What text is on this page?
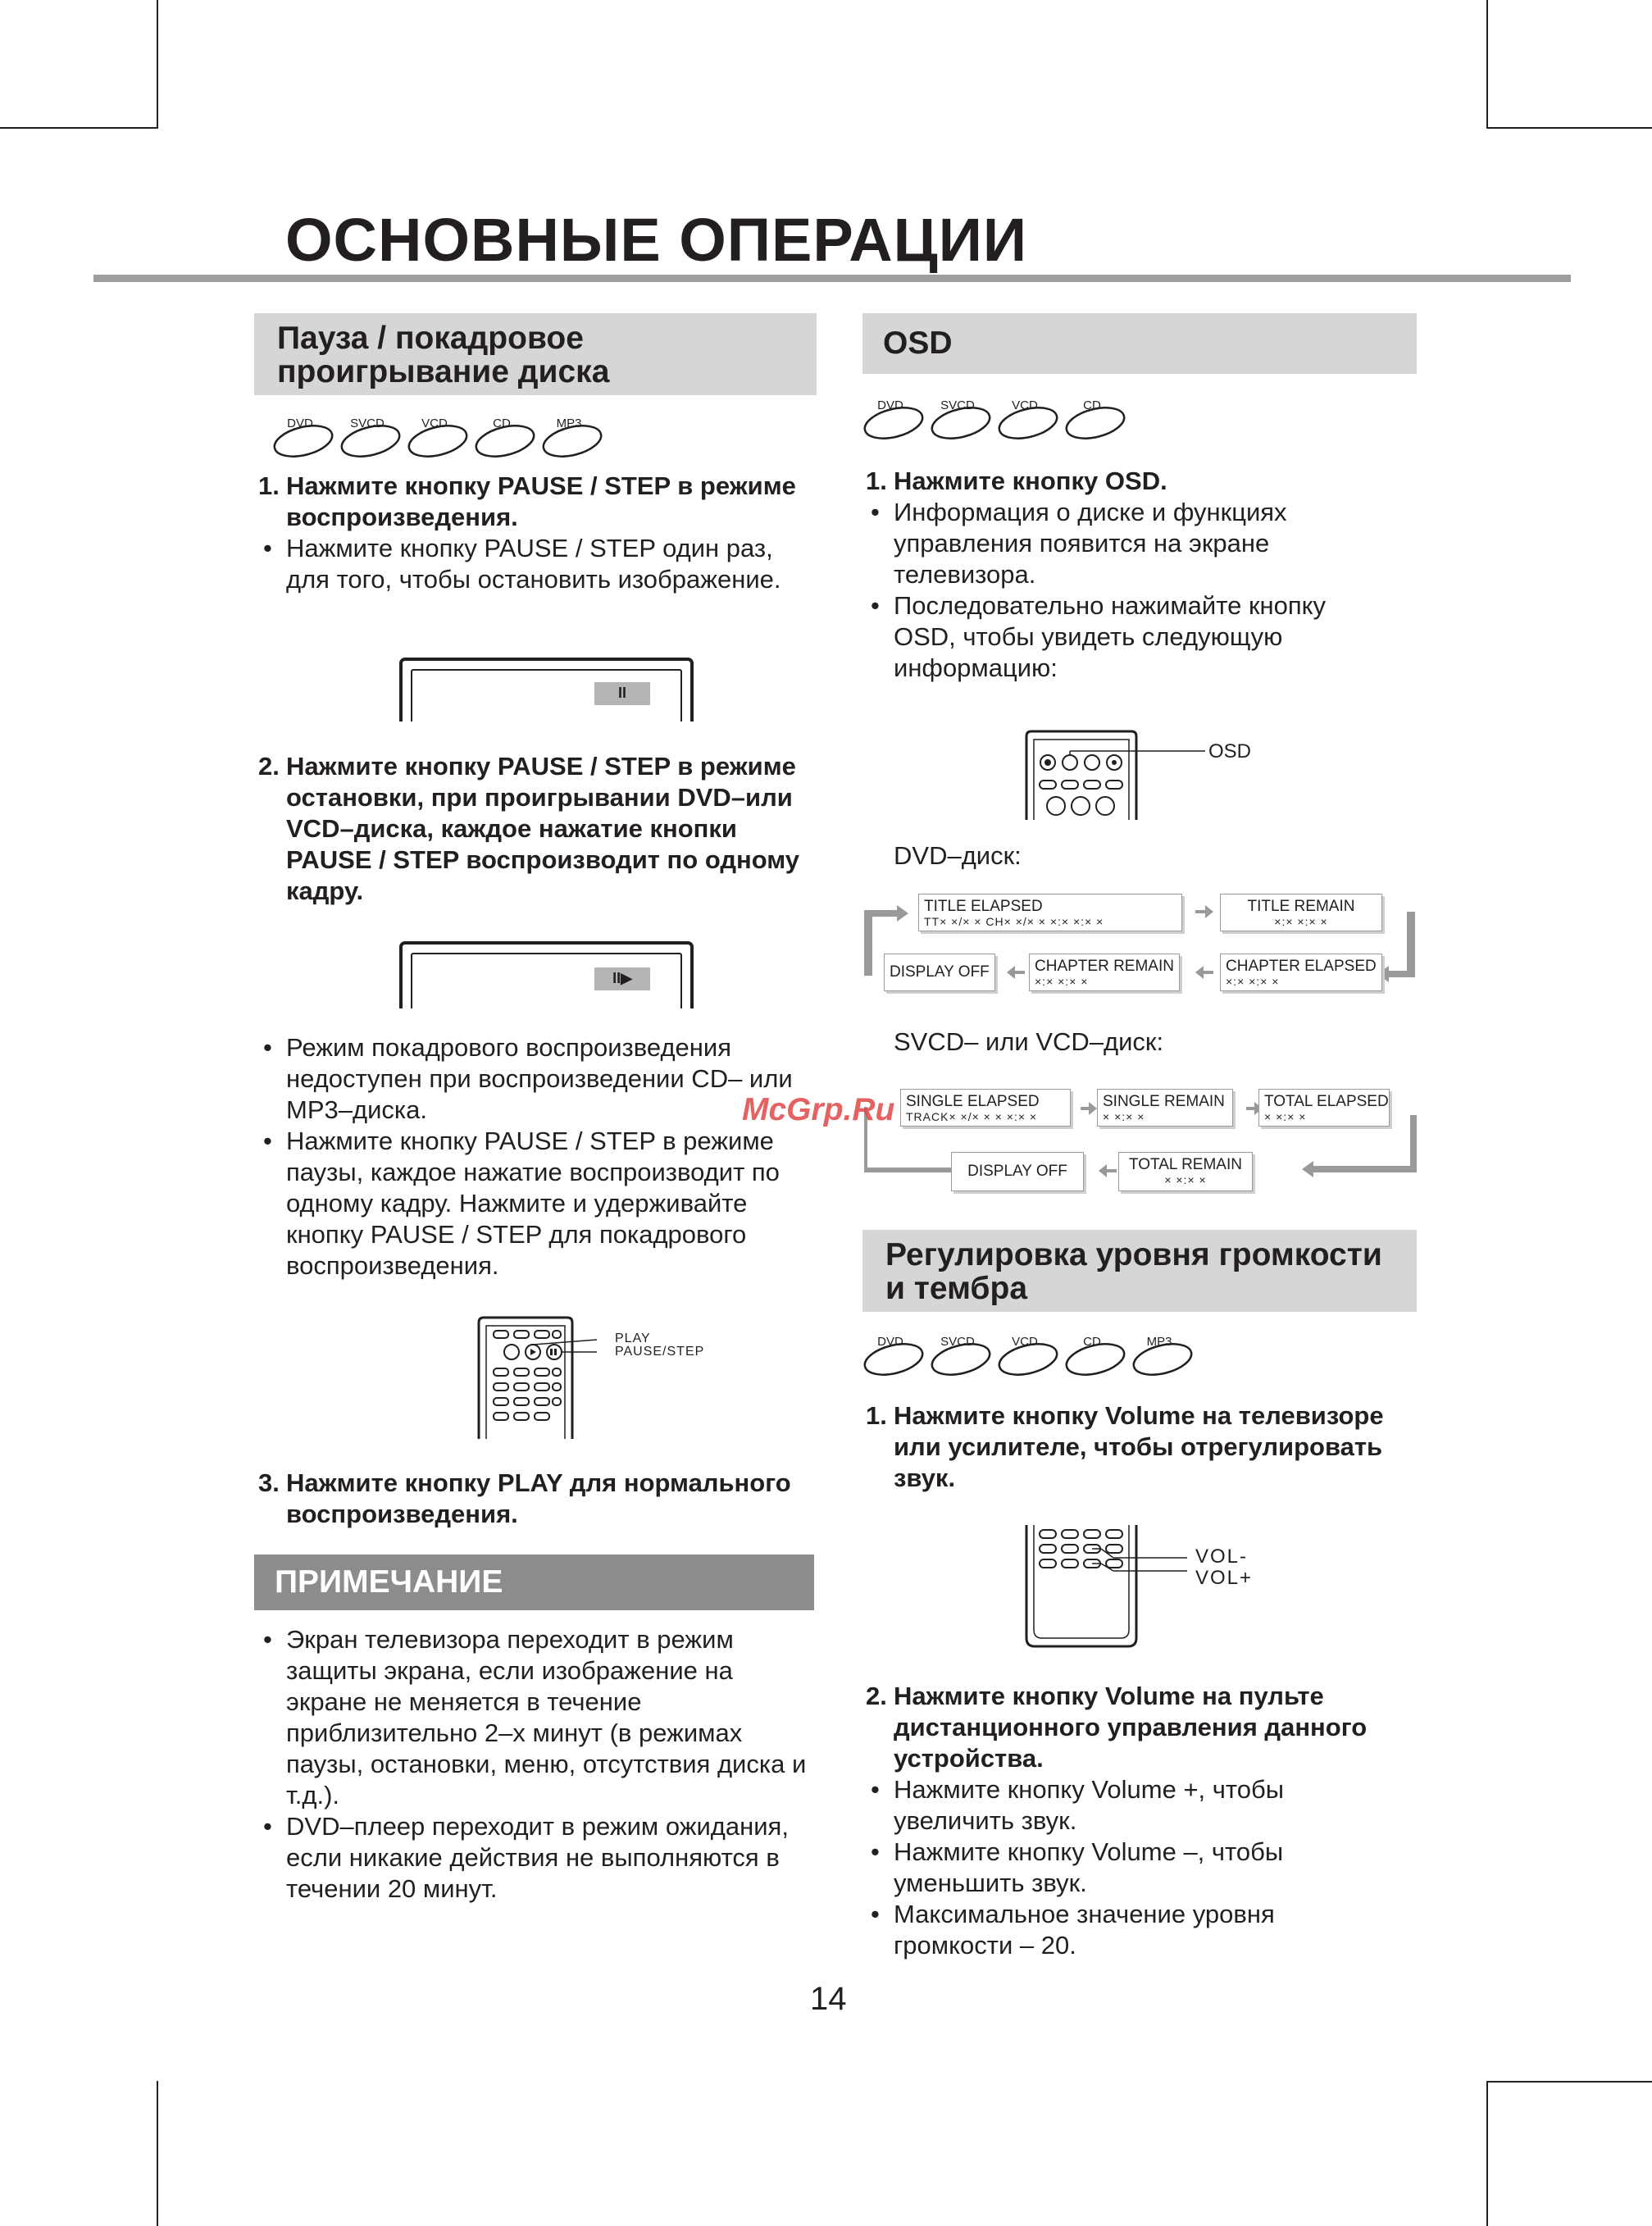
ОСНОВНЫЕ ОПЕРАЦИИ
Пауза / покадровое проигрывание диска
DVD	SVCD	VCD	CD	MP3
1. Нажмите кнопку PAUSE / STEP в режиме воспроизведения.
• Нажмите кнопку PAUSE / STEP один раз, для того, чтобы остановить изображение.
II
2. Нажмите кнопку PAUSE / STEP в режиме остановки, при проигрывании DVD–или VCD–диска, каждое нажатие кнопки PAUSE / STEP воспроизводит по одному кадру.
II▶
• Режим покадрового воспроизведения недоступен при воспроизведении CD– или MP3–диска.
• Нажмите кнопку PAUSE / STEP в режиме паузы, каждое нажатие воспроизводит по одному кадру. Нажмите и удерживайте кнопку PAUSE / STEP для покадрового воспроизведения.
PLAY
PAUSE/STEP
3. Нажмите кнопку PLAY для нормального воспроизведения.
ПРИМЕЧАНИЕ
• Экран телевизора переходит в режим защиты экрана, если изображение на экране не меняется в течение приблизительно 2–х минут (в режимах паузы, остановки, меню, отсутствия диска и т.д.).
• DVD–плеер переходит в режим ожидания, если никакие действия не выполняются в течении 20 минут.
OSD
DVD	SVCD	VCD	CD
1. Нажмите кнопку OSD.
• Информация о диске и функциях управления появится на экране телевизора.
• Последовательно нажимайте кнопку OSD, чтобы увидеть следующую информацию:
OSD
DVD–диск:
TITLE ELAPSED
TT× ×/× × CH× ×/× × ×:× ×:× ×
TITLE REMAIN
×:× ×:× ×
DISPLAY OFF	CHAPTER REMAIN
×:× ×:× ×
CHAPTER ELAPSED
×:× ×:× ×
SVCD– или VCD–диск:
SINGLE ELAPSED
TRACK× ×/× × × ×:× ×
SINGLE REMAIN
× ×:× ×
TOTAL ELAPSED
× ×:× ×
DISPLAY OFF	TOTAL REMAIN
× ×:× ×
McGrp.Ru
Регулировка уровня громкости и тембра
DVD	SVCD	VCD	CD	MP3
1. Нажмите кнопку Volume на телевизоре или усилителе, чтобы отрегулировать звук.
VOL-
VOL+
2. Нажмите кнопку Volume на пульте дистанционного управления данного устройства.
• Нажмите кнопку Volume +, чтобы увеличить звук.
• Нажмите кнопку Volume –, чтобы уменьшить звук.
• Максимальное значение уровня громкости – 20.
14
